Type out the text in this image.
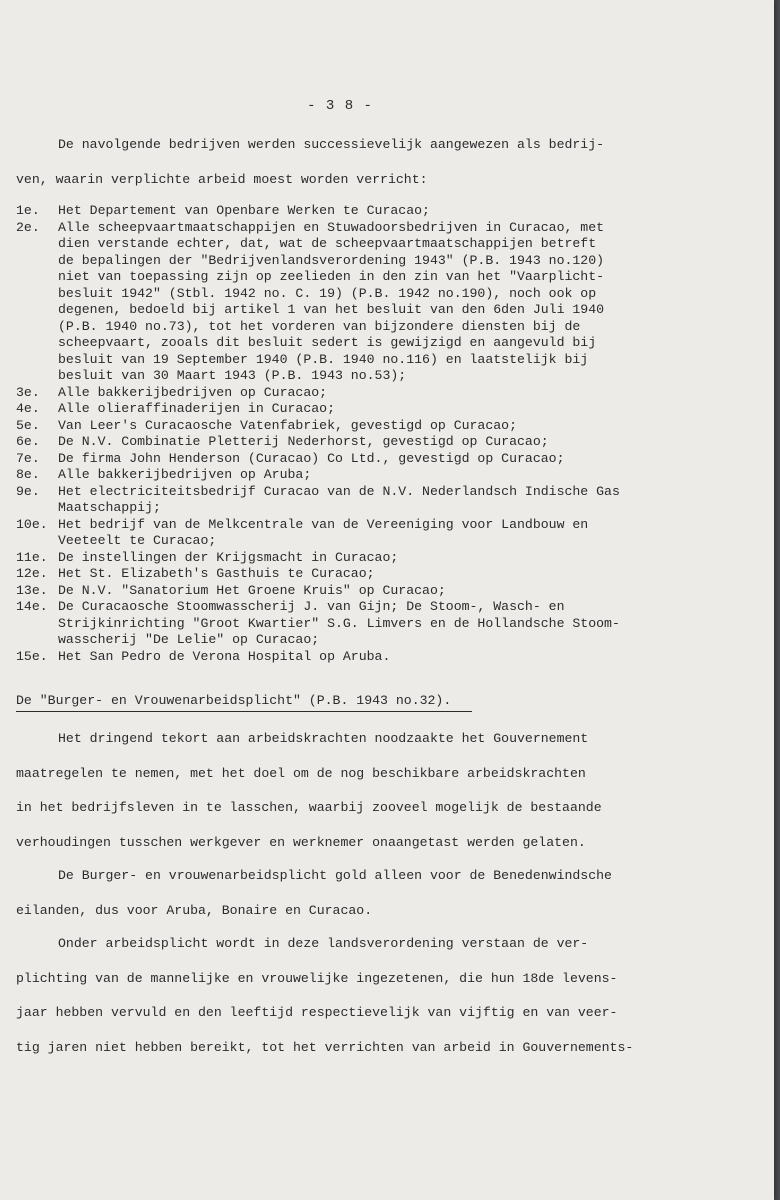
- 3 8 -
De navolgende bedrijven werden successievelijk aangewezen als bedrij-
ven, waarin verplichte arbeid moest worden verricht:
1e. Het Departement van Openbare Werken te Curacao;
2e. Alle scheepvaartmaatschappijen en Stuwadoorsbedrijven in Curacao, met
dien verstande echter, dat, wat de scheepvaartmaatschappijen betreft
de bepalingen der "Bedrijvenlandsverordening 1943" (P.B. 1943 no.120)
niet van toepassing zijn op zeelieden in den zin van het "Vaarplicht-
besluit 1942" (Stbl. 1942 no. C. 19) (P.B. 1942 no.190), noch ook op
degenen, bedoeld bij artikel 1 van het besluit van den 6den Juli 1940
(P.B. 1940 no.73), tot het vorderen van bijzondere diensten bij de
scheepvaart, zooals dit besluit sedert is gewijzigd en aangevuld bij
besluit van 19 September 1940 (P.B. 1940 no.116) en laatstelijk bij
besluit van 30 Maart 1943 (P.B. 1943 no.53);
3e. Alle bakkerijbedrijven op Curacao;
4e. Alle olieraffinaderijen in Curacao;
5e. Van Leer's Curacaosche Vatenfabriek, gevestigd op Curacao;
6e. De N.V. Combinatie Pletterij Nederhorst, gevestigd op Curacao;
7e. De firma John Henderson (Curacao) Co Ltd., gevestigd op Curacao;
8e. Alle bakkerijbedrijven op Aruba;
9e. Het electriciteitsbedrijf Curacao van de N.V. Nederlandsch Indische Gas
Maatschappij;
10e. Het bedrijf van de Melkcentrale van de Vereeniging voor Landbouw en
Veeteelt te Curacao;
11e. De instellingen der Krijgsmacht in Curacao;
12e. Het St. Elizabeth's Gasthuis te Curacao;
13e. De N.V. "Sanatorium Het Groene Kruis" op Curacao;
14e. De Curacaosche Stoomwasscherij J. van Gijn; De Stoom-, Wasch- en
Strijkinrichting "Groot Kwartier" S.G. Limvers en de Hollandsche Stoom-
wasscherij "De Lelie" op Curacao;
15e. Het San Pedro de Verona Hospital op Aruba.
De "Burger- en Vrouwenarbeidsplicht" (P.B. 1943 no.32).
Het dringend tekort aan arbeidskrachten noodzaakte het Gouvernement
maatregelen te nemen, met het doel om de nog beschikbare arbeidskrachten
in het bedrijfsleven in te lasschen, waarbij zooveel mogelijk de bestaande
verhoudingen tusschen werkgever en werknemer onaangetast werden gelaten.
De Burger- en vrouwenarbeidsplicht gold alleen voor de Benedenwindsche
eilanden, dus voor Aruba, Bonaire en Curacao.
Onder arbeidsplicht wordt in deze landsverordening verstaan de ver-
plichting van de mannelijke en vrouwelijke ingezetenen, die hun 18de levens-
jaar hebben vervuld en den leeftijd respectievelijk van vijftig en van veer-
tig jaren niet hebben bereikt, tot het verrichten van arbeid in Gouvernements-
